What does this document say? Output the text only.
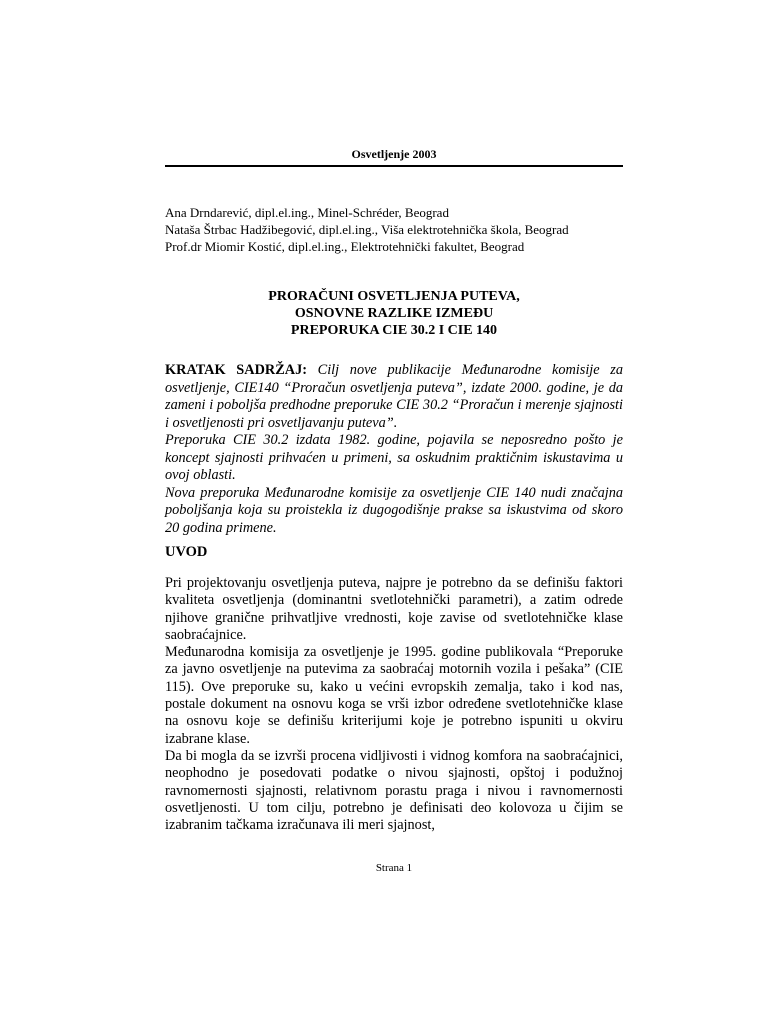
Osvetljenje 2003
Ana Drndarević, dipl.el.ing., Minel-Schréder, Beograd
Nataša Štrbac Hadžibegović, dipl.el.ing., Viša elektrotehnička škola, Beograd
Prof.dr Miomir Kostić, dipl.el.ing., Elektrotehnički fakultet, Beograd
PRORAČUNI OSVETLJENJA PUTEVA,
OSNOVNE RAZLIKE IZMEĐU
PREPORUKA CIE 30.2 I CIE 140

KRATAK SADRŽAJ: Cilj nove publikacije Međunarodne komisije za osvetljenje, CIE140 “Proračun osvetljenja puteva”, izdate 2000. godine, je da zameni i poboljša predhodne preporuke CIE 30.2 “Proračun i merenje sjajnosti i osvetljenosti pri osvetljavanju puteva”.

Preporuka CIE 30.2 izdata 1982. godine, pojavila se neposredno pošto je koncept sjajnosti prihvaćen u primeni, sa oskudnim praktičnim iskustavima u ovoj oblasti.

Nova preporuka Međunarodne komisije za osvetljenje CIE 140 nudi značajna poboljšanja koja su proistekla iz dugogodišnje prakse sa iskustvima od skoro 20 godina primene.

UVOD

Pri projektovanju osvetljenja puteva, najpre je potrebno da se definišu faktori kvaliteta osvetljenja (dominantni svetlotehnički parametri), a zatim odrede njihove granične prihvatljive vrednosti, koje zavise od svetlotehničke klase saobraćajnice.

Međunarodna komisija za osvetljenje je 1995. godine publikovala “Preporuke za javno osvetljenje na putevima za saobraćaj motornih vozila i pešaka” (CIE 115). Ove preporuke su, kako u većini evropskih zemalja, tako i kod nas, postale dokument na osnovu koga se vrši izbor određene svetlotehničke klase na osnovu koje se definišu kriterijumi koje je potrebno ispuniti u okviru izabrane klase.

Da bi mogla da se izvrši procena vidljivosti i vidnog komfora na saobraćajnici, neophodno je posedovati podatke o nivou sjajnosti, opštoj i podužnoj ravnomernosti sjajnosti, relativnom porastu praga i nivou i ravnomernosti osvetljenosti. U tom cilju, potrebno je definisati deo kolovoza u čijim se izabranim tačkama izračunava ili meri sjajnost,

Strana 1
